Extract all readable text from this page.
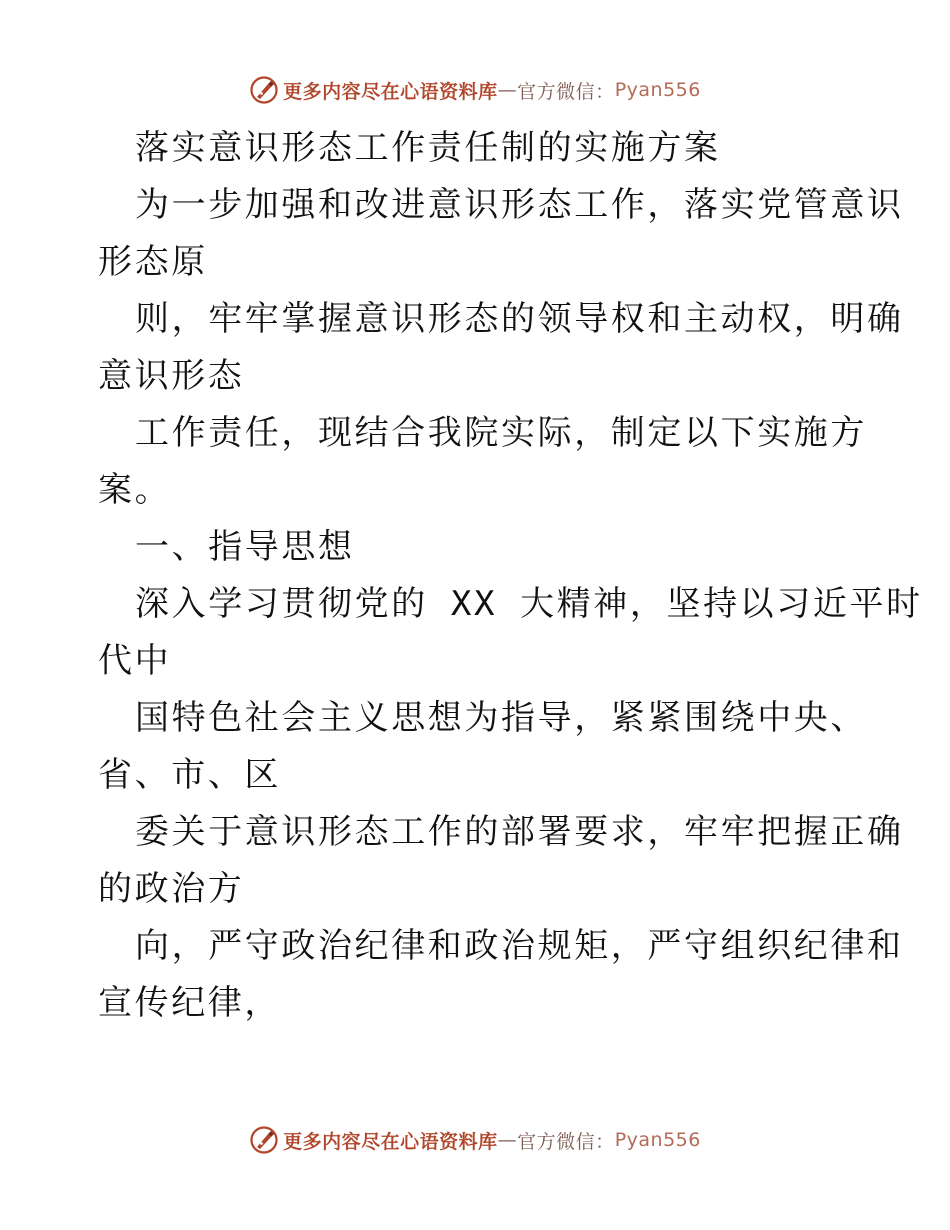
更多内容尽在心语资料库 — 官方微信： Pyan556
落实意识形态工作责任制的实施方案
为一步加强和改进意识形态工作，落实党管意识
形态原
则，牢牢掌握意识形态的领导权和主动权，明确
意识形态
工作责任，现结合我院实际，制定以下实施方
案。
一、指导思想
深入学习贯彻党的 XX 大精神，坚持以习近平时
代中
国特色社会主义思想为指导，紧紧围绕中央、
省、市、区
委关于意识形态工作的部署要求，牢牢把握正确
的政治方
向，严守政治纪律和政治规矩，严守组织纪律和
宣传纪律，
更多内容尽在心语资料库 — 官方微信： Pyan556
